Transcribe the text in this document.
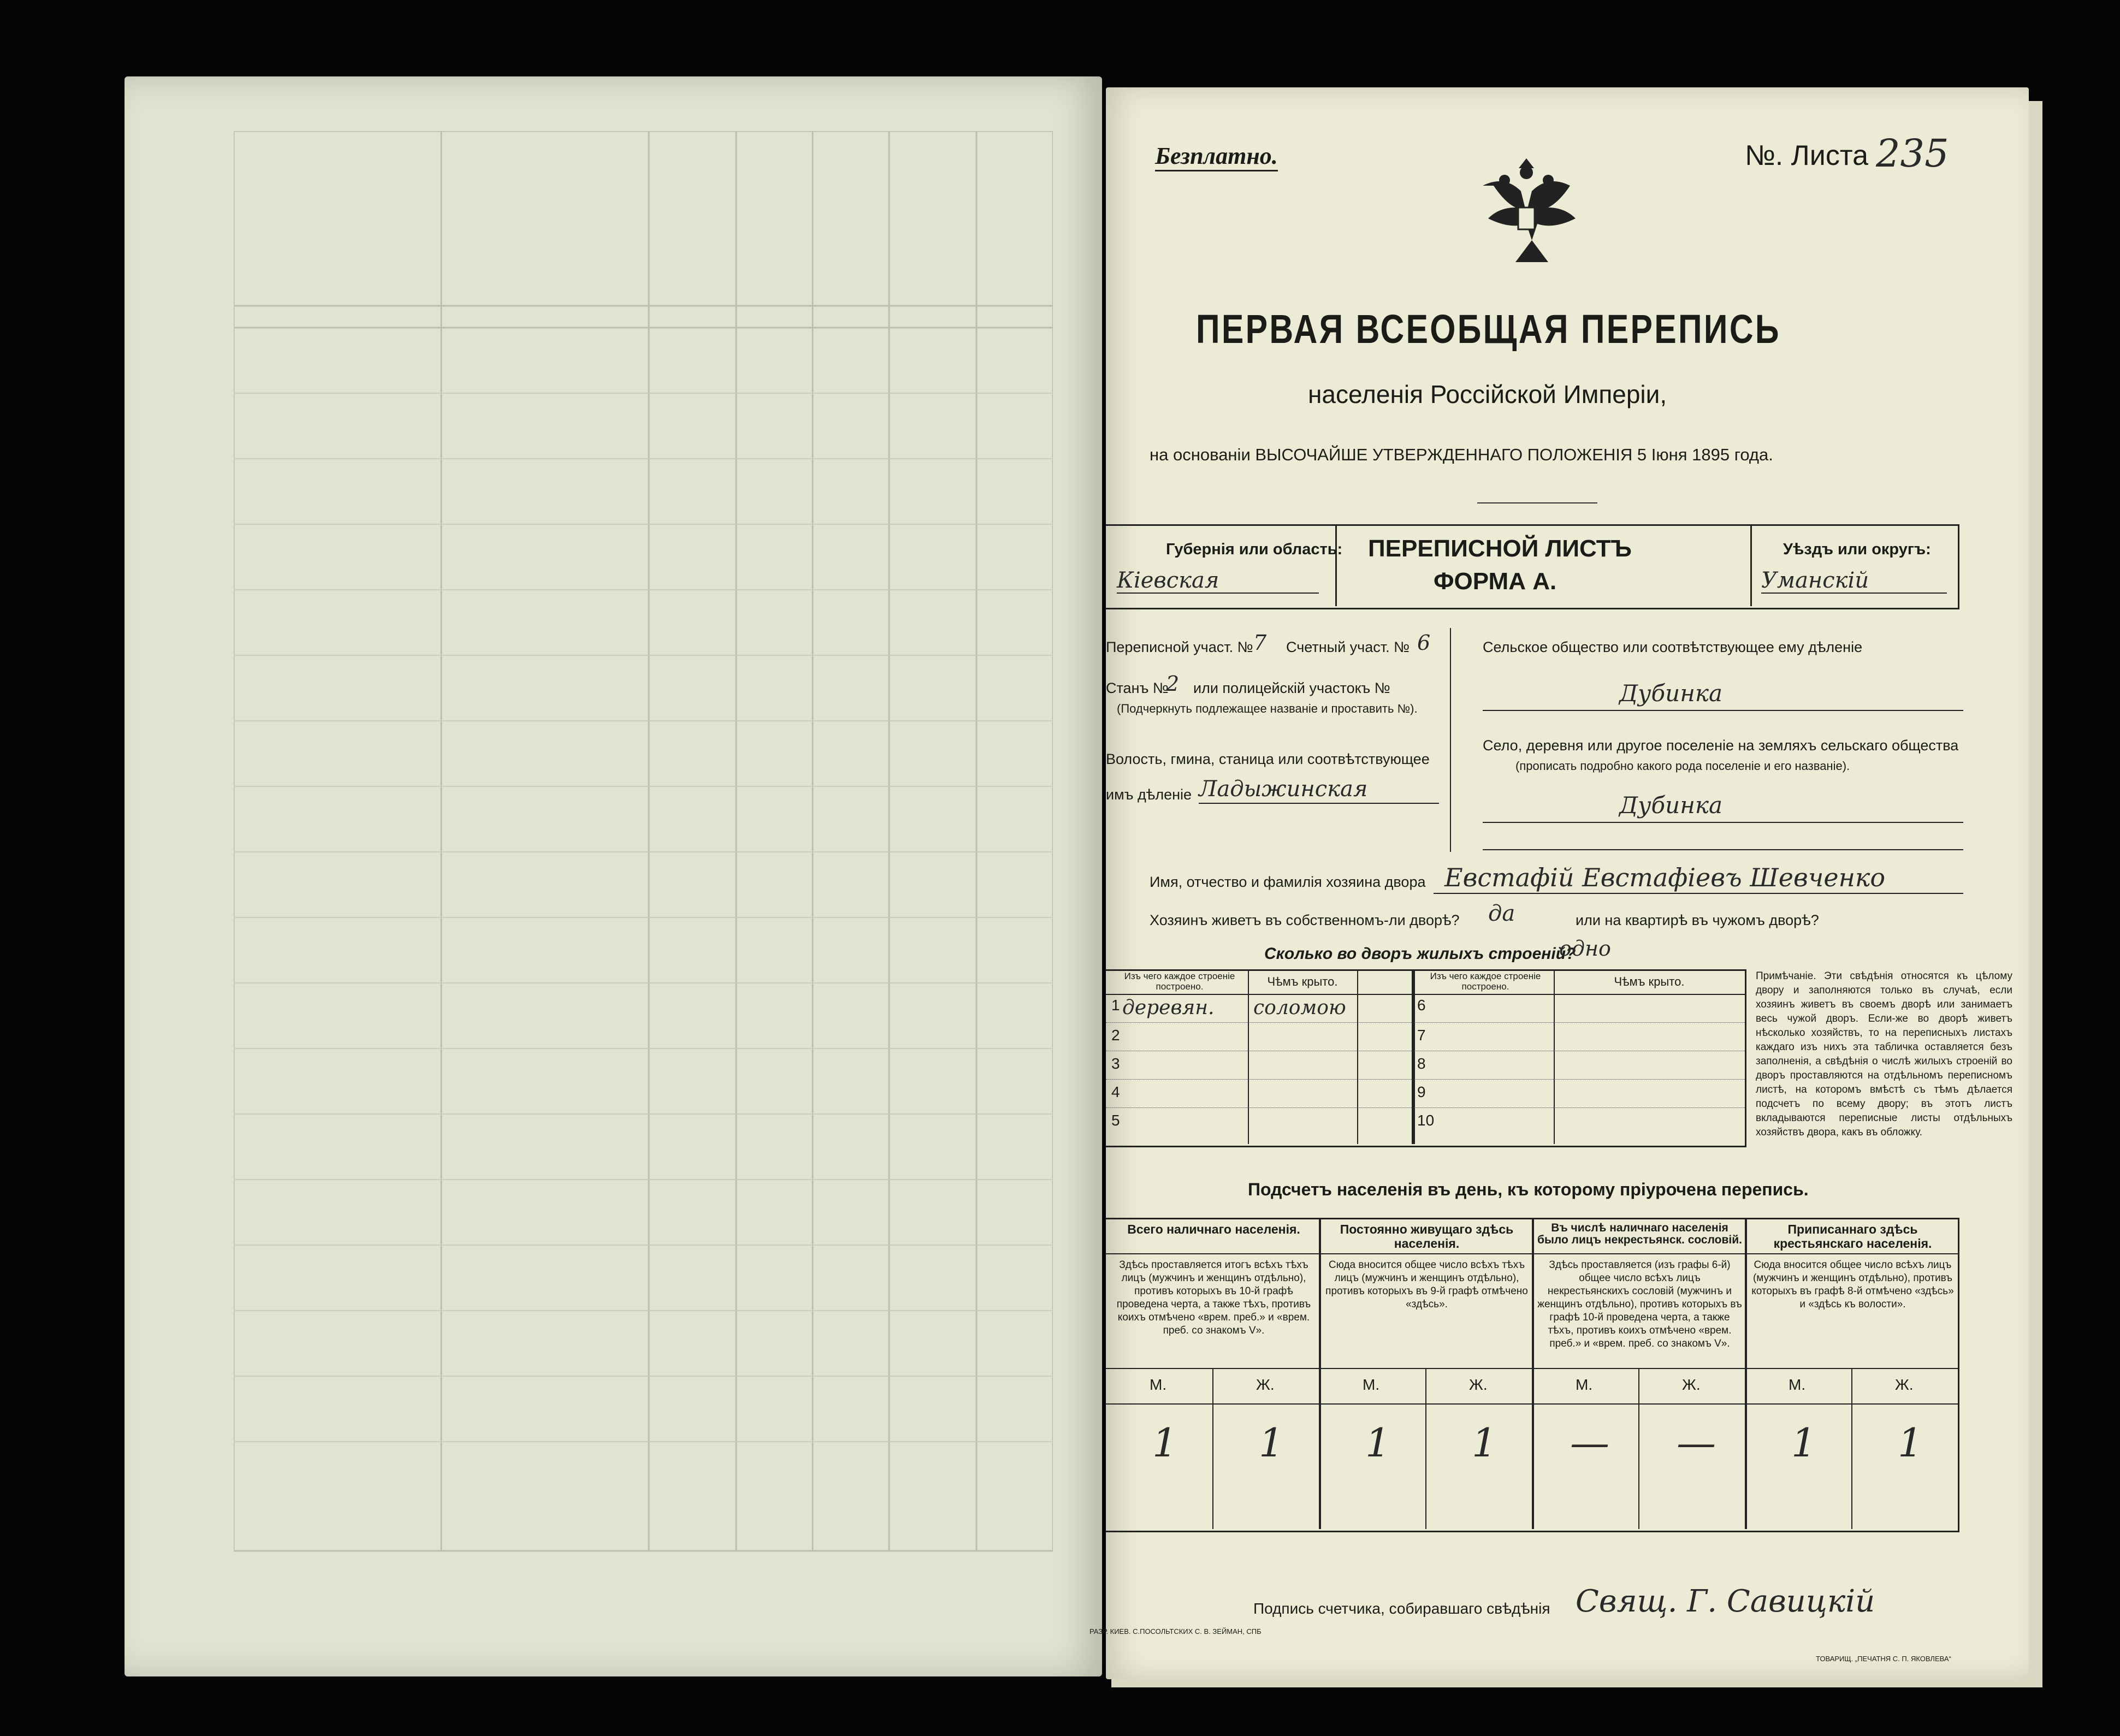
Безплатно.	№. Листа 235
ПЕРВАЯ ВСЕОБЩАЯ ПЕРЕПИСЬ
населенія Россійской Имперіи,
на основаніи ВЫСОЧАЙШЕ УТВЕРЖДЕННАГО ПОЛОЖЕНІЯ 5 Іюня 1895 года.
Губернія или область:
Кіевская
ПЕРЕПИСНОЙ ЛИСТЪ
ФОРМА А.
Уѣздъ или округъ:
Уманскій
Переписной участ. № 7 Счетный участ. № 6
Станъ №
2 или полицейскій участокъ №
(Подчеркнуть подлежащее названіе и проставить №).
Волость, гмина, станица или соотвѣтствующее
имъ дѣленіе Ладыжинская
Сельское общество или соотвѣтствующее ему дѣленіе
Дубинка
Село, деревня или другое поселеніе на земляхъ сельскаго общества
(прописать подробно какого рода поселеніе и его названіе).
Дубинка
Имя, отчество и фамилія хозяина двора Евстафій Евстафіевъ Шевченко
Хозяинъ живетъ въ собственномъ-ли дворѣ? да	или на квартирѣ въ чужомъ дворѣ?
Сколько во дворъ жилыхъ строеній?
одно
Изъ чего каждое строеніе построено.	Чѣмъ крыто.	Изъ чего каждое строеніе построено.	Чѣмъ крыто.
1 деревян. соломою
2
3
4
5
6
7
8
9
10
Примѣчаніе. Эти свѣдѣнія относятся къ цѣлому двору и заполняются только въ случаѣ, если хозяинъ живетъ въ своемъ дворѣ или занимаетъ весь чужой дворъ. Если-же во дворѣ живетъ нѣсколько хозяйствъ, то на переписныхъ листахъ каждаго изъ нихъ эта табличка оставляется безъ заполненія, а свѣдѣнія о числѣ жилыхъ строеній во дворъ проставляются на отдѣльномъ переписномъ листѣ, на которомъ вмѣстѣ съ тѣмъ дѣлается подсчетъ по всему двору; въ этотъ листъ вкладываются переписные листы отдѣльныхъ хозяйствъ двора, какъ въ обложку.
Подсчетъ населенія въ день, къ которому пріурочена перепись.
Всего наличнаго населенія.
Здѣсь проставляется итогъ всѣхъ тѣхъ лицъ (мужчинъ и женщинъ отдѣльно), противъ которыхъ въ 10-й графѣ проведена черта, а также тѣхъ, противъ коихъ отмѣчено «врем. преб.» и «врем. преб. со знакомъ V».
Постоянно живущаго здѣсь населенія.
Сюда вносится общее число всѣхъ тѣхъ лицъ (мужчинъ и женщинъ отдѣльно), противъ которыхъ въ 9-й графѣ отмѣчено «здѣсь».
Въ числѣ наличнаго населенія было лицъ некрестьянск. сословій.
Здѣсь проставляется (изъ графы 6-й) общее число всѣхъ лицъ некрестьянскихъ сословій (мужчинъ и женщинъ отдѣльно), противъ которыхъ въ графѣ 10-й проведена черта, а также тѣхъ, противъ коихъ отмѣчено «врем. преб.» и «врем. преб. со знакомъ V».
Приписаннаго здѣсь крестьянскаго населенія.
Сюда вносится общее число всѣхъ лицъ (мужчинъ и женщинъ отдѣльно), противъ которыхъ въ графѣ 8-й отмѣчено «здѣсь» и «здѣсь къ волости».
М.	Ж.	М.	Ж.	М.	Ж.	М.	Ж.
1 1 1 1 — — 1 1
Подпись счетчика, собиравшаго свѣдѣнія Свящ. Г. Савицкій
РАЗР. КИЕВ. С.ПОСОЛЬТСКИХ С. В. ЗЕЙМАН, СПБ
ТОВАРИЩ. „ПЕЧАТНЯ С. П. ЯКОВЛЕВА“
